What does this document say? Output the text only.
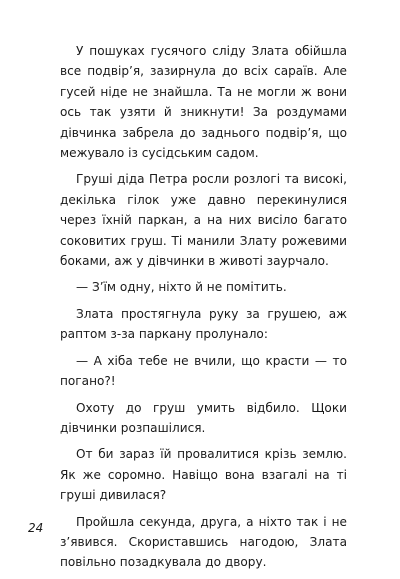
У пошуках гусячого сліду Злата обійшла все подвір’я, зазирнула до всіх сараїв. Але гусей ніде не знайшла. Та не могли ж вони ось так узяти й зникнути! За роздумами дівчинка забрела до заднього подвір’я, що межувало із сусідським садом.

Груші діда Петра росли розлогі та високі, декілька гілок уже давно перекинулися через їхній паркан, а на них висіло багато соковитих груш. Ті манили Злату рожевими боками, аж у дівчинки в животі заурчало.

— З’їм одну, ніхто й не помітить.

Злата простягнула руку за грушею, аж раптом з-за паркану пролунало:

— А хіба тебе не вчили, що красти — то погано?!

Охоту до груш умить відбило. Щоки дівчинки розпашілися.

От би зараз їй провалитися крізь землю. Як же соромно. Навіщо вона взагалі на ті груші дивилася?

Пройшла секунда, друга, а ніхто так і не з’явився. Скориставшись нагодою, Злата повільно позадкувала до двору.

24
